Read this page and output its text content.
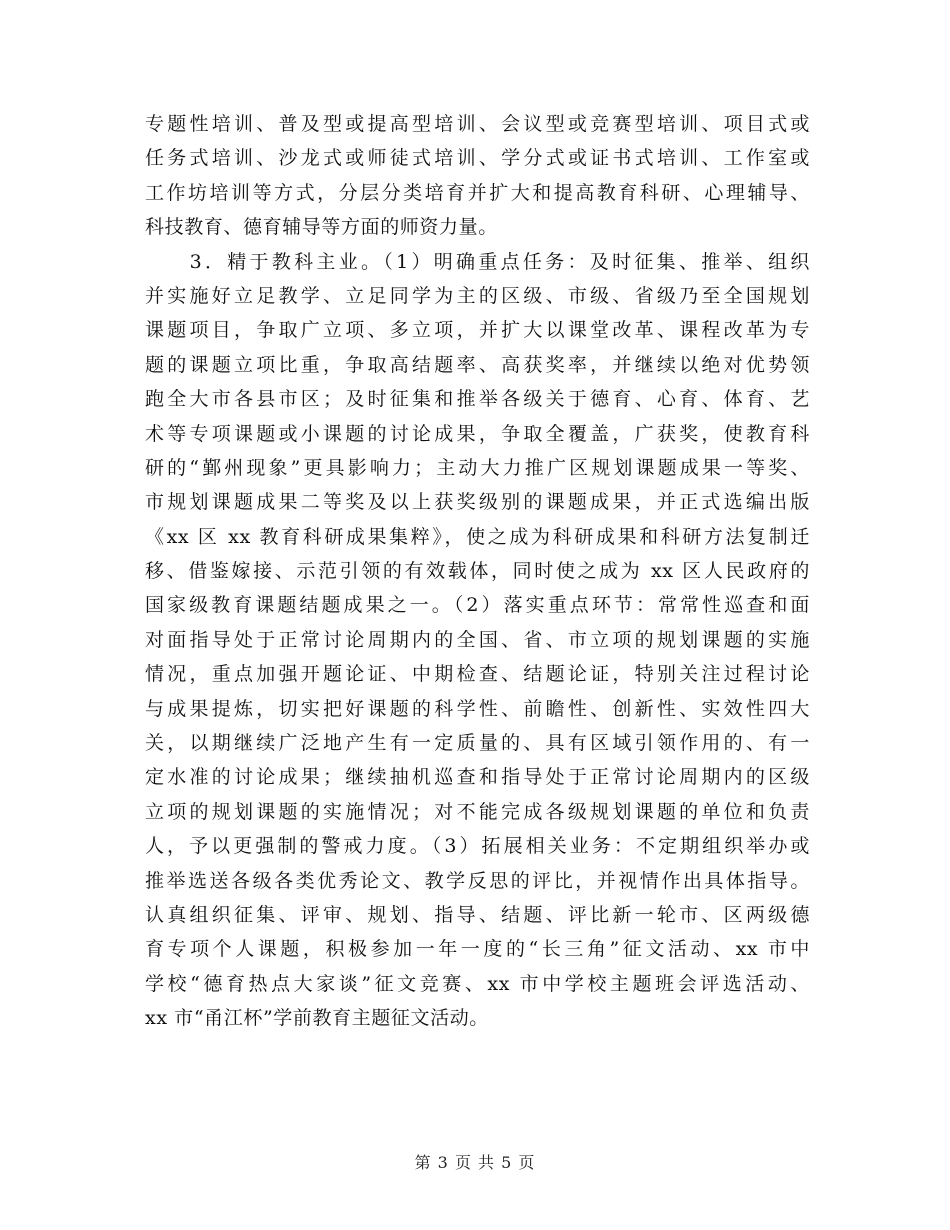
专题性培训、普及型或提高型培训、会议型或竞赛型培训、项目式或
任务式培训、沙龙式或师徒式培训、学分式或证书式培训、工作室或
工作坊培训等方式，分层分类培育并扩大和提高教育科研、心理辅导、
科技教育、德育辅导等方面的师资力量。
　　3．精于教科主业。（1）明确重点任务：及时征集、推举、组织
并实施好立足教学、立足同学为主的区级、市级、省级乃至全国规划
课题项目，争取广立项、多立项，并扩大以课堂改革、课程改革为专
题的课题立项比重，争取高结题率、高获奖率，并继续以绝对优势领
跑全大市各县市区；及时征集和推举各级关于德育、心育、体育、艺
术等专项课题或小课题的讨论成果，争取全覆盖，广获奖，使教育科
研的“鄞州现象”更具影响力；主动大力推广区规划课题成果一等奖、
市规划课题成果二等奖及以上获奖级别的课题成果，并正式选编出版
《xx 区 xx 教育科研成果集粹》，使之成为科研成果和科研方法复制迁
移、借鉴嫁接、示范引领的有效载体，同时使之成为 xx 区人民政府的
国家级教育课题结题成果之一。（2）落实重点环节：常常性巡查和面
对面指导处于正常讨论周期内的全国、省、市立项的规划课题的实施
情况，重点加强开题论证、中期检查、结题论证，特别关注过程讨论
与成果提炼，切实把好课题的科学性、前瞻性、创新性、实效性四大
关，以期继续广泛地产生有一定质量的、具有区域引领作用的、有一
定水准的讨论成果；继续抽机巡查和指导处于正常讨论周期内的区级
立项的规划课题的实施情况；对不能完成各级规划课题的单位和负责
人，予以更强制的警戒力度。（3）拓展相关业务：不定期组织举办或
推举选送各级各类优秀论文、教学反思的评比，并视情作出具体指导。
认真组织征集、评审、规划、指导、结题、评比新一轮市、区两级德
育专项个人课题，积极参加一年一度的“长三角”征文活动、xx 市中
学校“德育热点大家谈”征文竞赛、xx 市中学校主题班会评选活动、
xx 市“甬江杯”学前教育主题征文活动。
第 3 页 共 5 页
